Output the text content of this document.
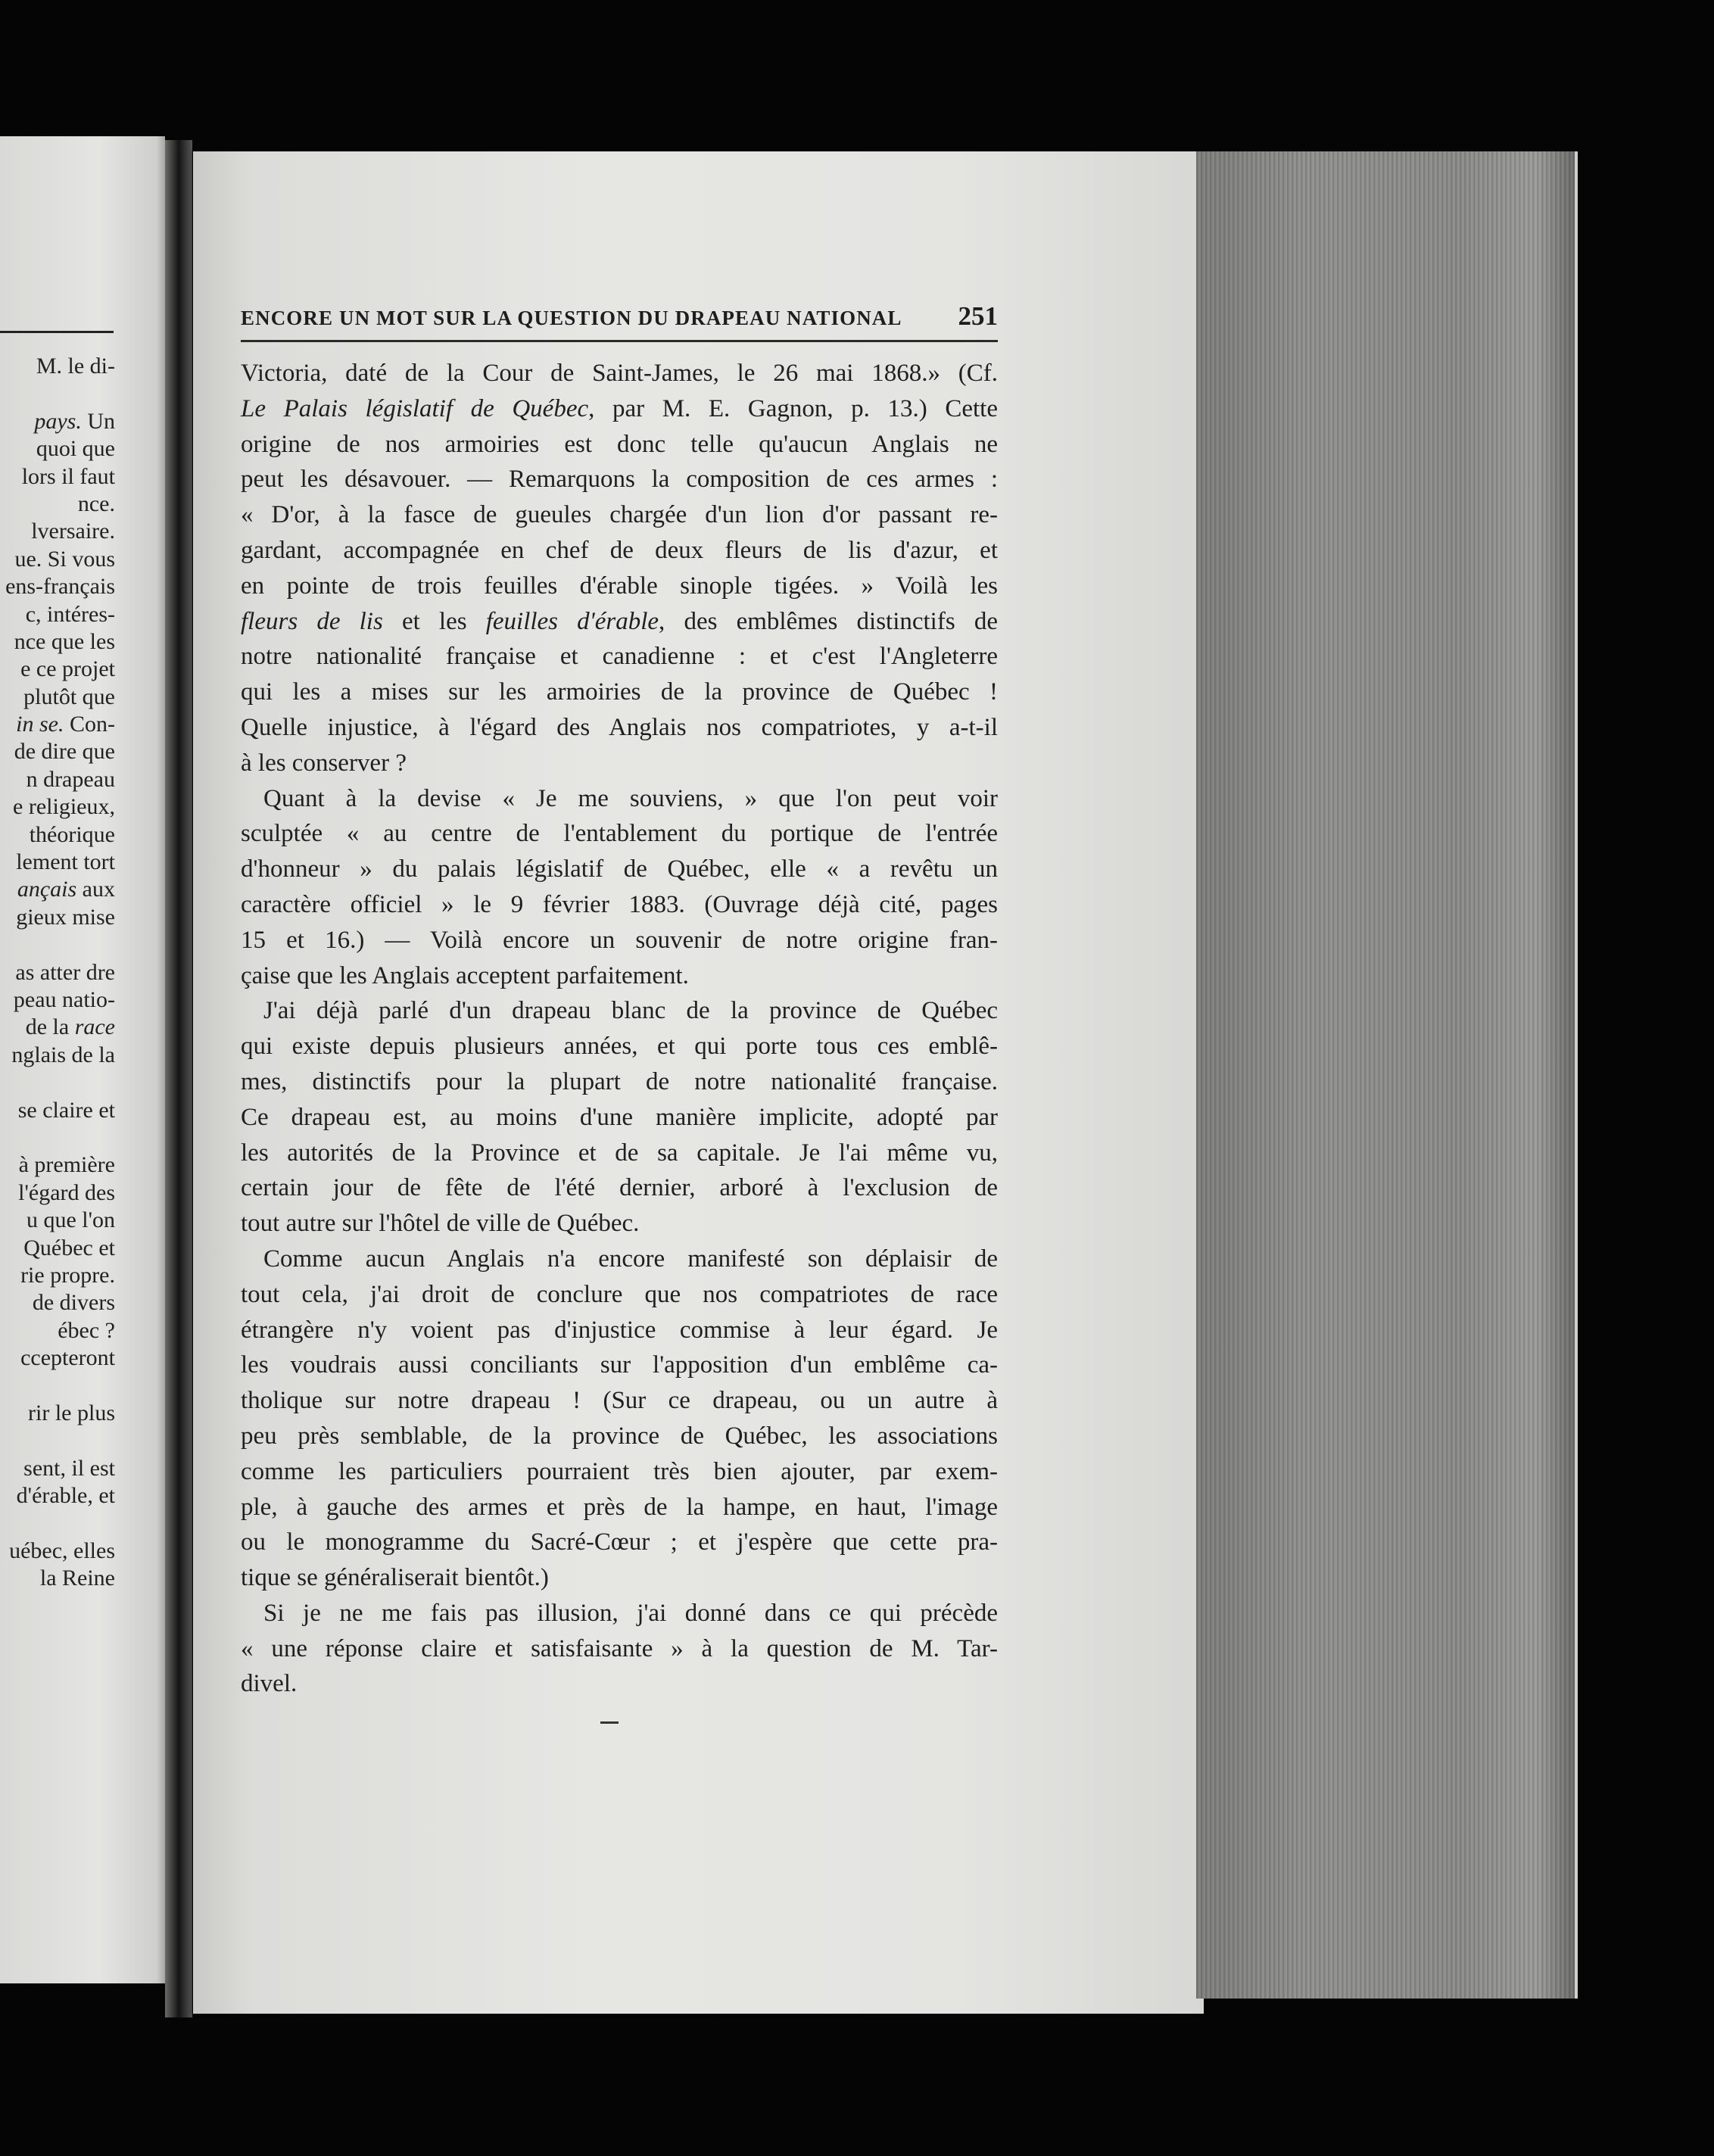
M. le di-
pays. Un
quoi que
lors il faut
nce.
lversaire.
ue. Si vous
ens-français
c, intéres-
nce que les
e ce projet
plutôt que
in se. Con-
de dire que
n drapeau
e religieux,
théorique
lement tort
ançais aux
gieux mise
as atter dre
peau natio-
de la race
nglais de la
se claire et
à première
l'égard des
u que l'on
Québec et
rie propre.
de divers
ébec ?
ccepteront
rir le plus
sent, il est
d'érable, et
uébec, elles
la Reine
ENCORE UN MOT SUR LA QUESTION DU DRAPEAU NATIONAL 251
Victoria, daté de la Cour de Saint-James, le 26 mai 1868.» (Cf.
Le Palais législatif de Québec, par M. E. Gagnon, p. 13.) Cette
origine de nos armoiries est donc telle qu'aucun Anglais ne
peut les désavouer. — Remarquons la composition de ces armes :
« D'or, à la fasce de gueules chargée d'un lion d'or passant re-
gardant, accompagnée en chef de deux fleurs de lis d'azur, et
en pointe de trois feuilles d'érable sinople tigées. » Voilà les
fleurs de lis et les feuilles d'érable, des emblêmes distinctifs de
notre nationalité française et canadienne : et c'est l'Angleterre
qui les a mises sur les armoiries de la province de Québec !
Quelle injustice, à l'égard des Anglais nos compatriotes, y a-t-il
à les conserver ?
Quant à la devise « Je me souviens, » que l'on peut voir
sculptée « au centre de l'entablement du portique de l'entrée
d'honneur » du palais législatif de Québec, elle « a revêtu un
caractère officiel » le 9 février 1883. (Ouvrage déjà cité, pages
15 et 16.) — Voilà encore un souvenir de notre origine fran-
çaise que les Anglais acceptent parfaitement.
J'ai déjà parlé d'un drapeau blanc de la province de Québec
qui existe depuis plusieurs années, et qui porte tous ces emblê-
mes, distinctifs pour la plupart de notre nationalité française.
Ce drapeau est, au moins d'une manière implicite, adopté par
les autorités de la Province et de sa capitale. Je l'ai même vu,
certain jour de fête de l'été dernier, arboré à l'exclusion de
tout autre sur l'hôtel de ville de Québec.
Comme aucun Anglais n'a encore manifesté son déplaisir de
tout cela, j'ai droit de conclure que nos compatriotes de race
étrangère n'y voient pas d'injustice commise à leur égard. Je
les voudrais aussi conciliants sur l'apposition d'un emblême ca-
tholique sur notre drapeau ! (Sur ce drapeau, ou un autre à
peu près semblable, de la province de Québec, les associations
comme les particuliers pourraient très bien ajouter, par exem-
ple, à gauche des armes et près de la hampe, en haut, l'image
ou le monogramme du Sacré-Cœur ; et j'espère que cette pra-
tique se généraliserait bientôt.)
Si je ne me fais pas illusion, j'ai donné dans ce qui précède
« une réponse claire et satisfaisante » à la question de M. Tar-
divel.
